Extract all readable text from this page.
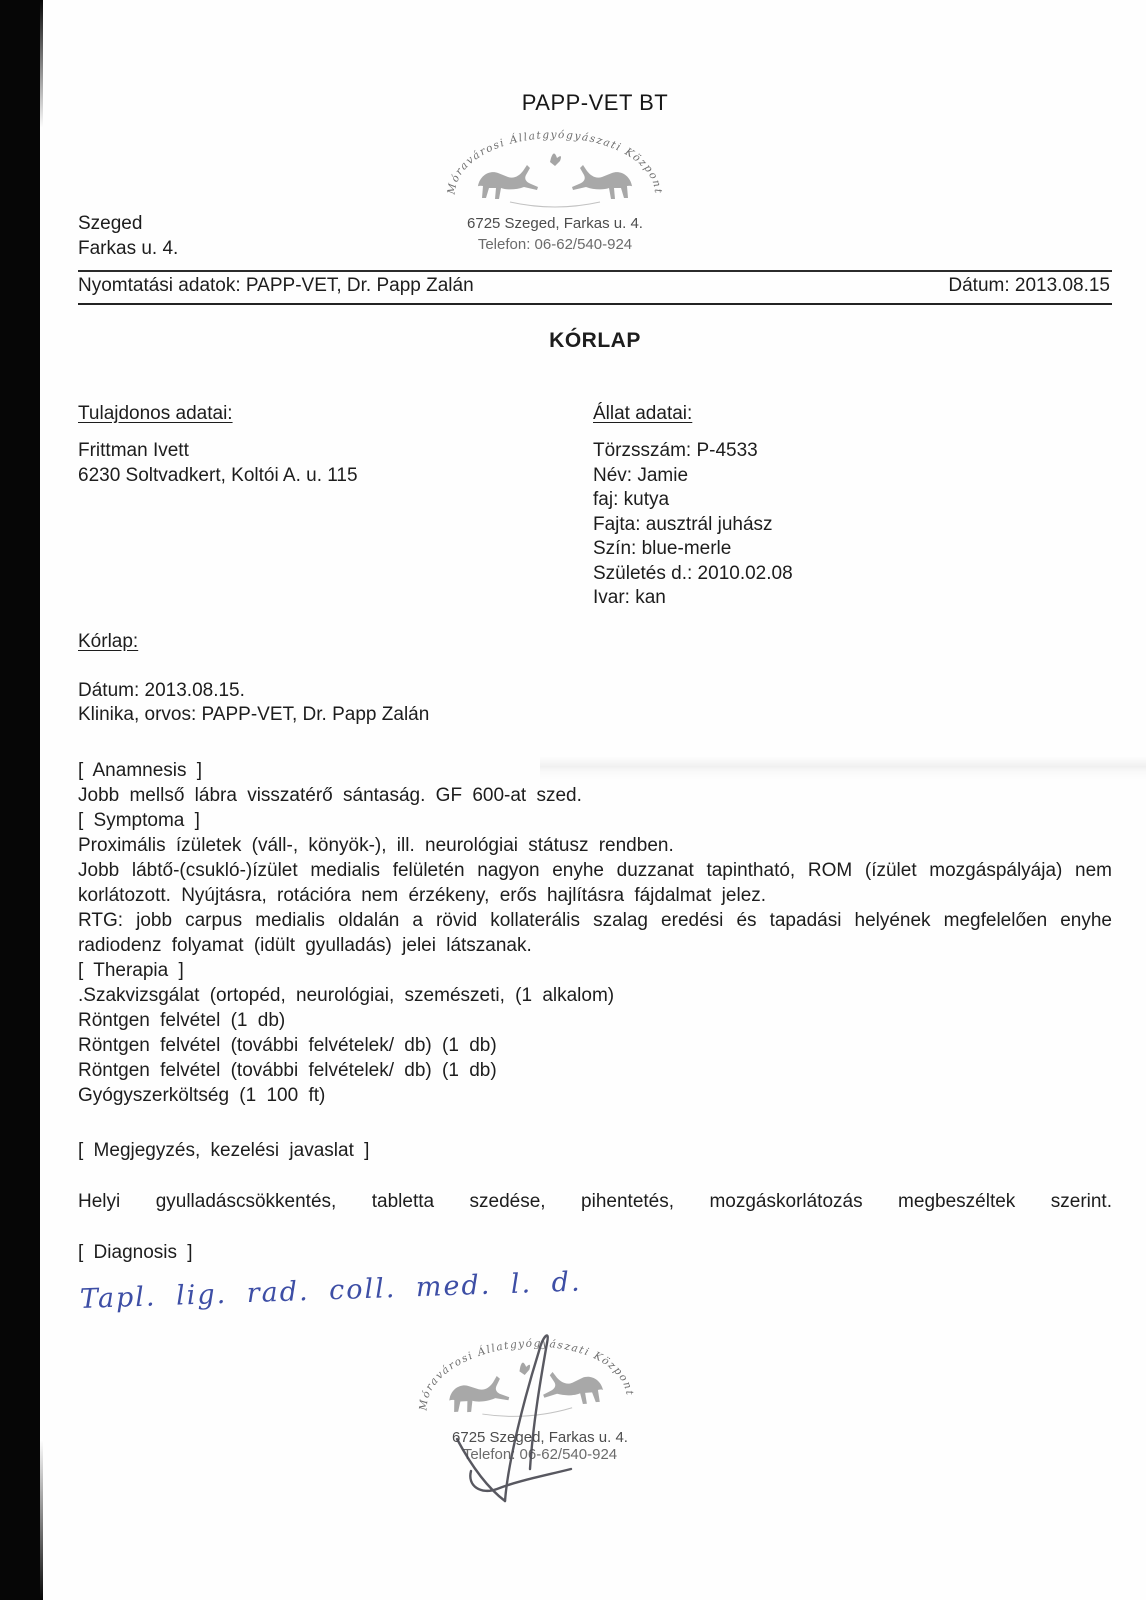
PAPP-VET BT
6725 Szeged, Farkas u. 4.
Telefon: 06-62/540-924
Szeged
Farkas u. 4.
Nyomtatási adatok: PAPP-VET, Dr. Papp Zalán	Dátum: 2013.08.15
KÓRLAP
Tulajdonos adatai:
Frittman Ivett
6230 Soltvadkert, Koltói A. u. 115
Állat adatai:
Törzsszám: P-4533
Név: Jamie
faj: kutya
Fajta: ausztrál juhász
Szín: blue-merle
Születés d.: 2010.02.08
Ivar: kan
Kórlap:
Dátum: 2013.08.15.
Klinika, orvos: PAPP-VET, Dr. Papp Zalán
[ Anamnesis ]
Jobb mellső lábra visszatérő sántaság. GF 600-at szed.
[ Symptoma ]
Proximális ízületek (váll-, könyök-), ill. neurológiai státusz rendben.
Jobb lábtő-(csukló-)ízület medialis felületén nagyon enyhe duzzanat tapintható, ROM (ízület mozgáspályája) nem korlátozott. Nyújtásra, rotációra nem érzékeny, erős hajlításra fájdalmat jelez.
RTG: jobb carpus medialis oldalán a rövid kollaterális szalag eredési és tapadási helyének megfelelően enyhe radiodenz folyamat (idült gyulladás) jelei látszanak.
[ Therapia ]
.Szakvizsgálat (ortopéd, neurológiai, szemészeti, (1 alkalom)
Röntgen felvétel (1 db)
Röntgen felvétel (további felvételek/ db) (1 db)
Röntgen felvétel (további felvételek/ db) (1 db)
Gyógyszerköltség (1 100 ft)
[ Megjegyzés, kezelési javaslat ]
Helyi gyulladáscsökkentés, tabletta szedése, pihentetés, mozgáskorlátozás megbeszéltek szerint.
[ Diagnosis ]
Tapl. lig. rad. coll. med. l. d.
6725 Szeged, Farkas u. 4.
Telefon: 06-62/540-924
